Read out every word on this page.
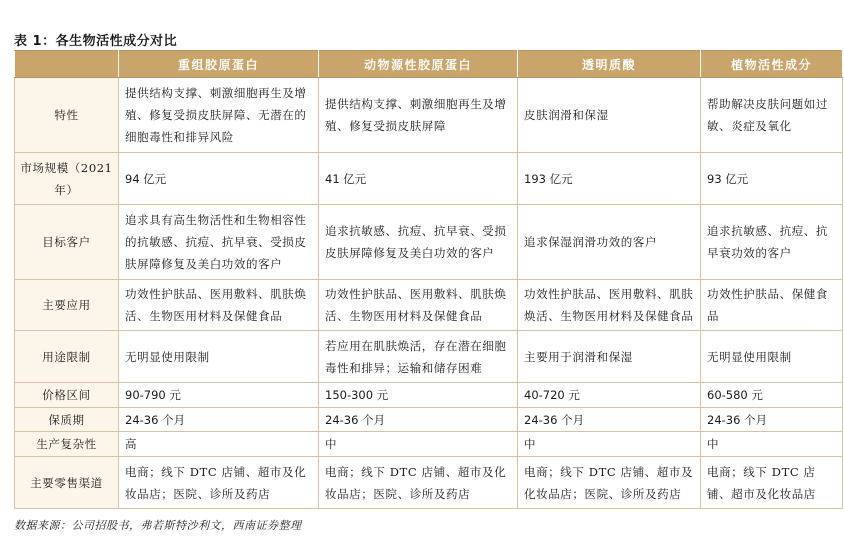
表 1：各生物活性成分对比
	重组胶原蛋白	动物源性胶原蛋白	透明质酸	植物活性成分
特性	提供结构支撑、刺激细胞再生及增殖、修复受损皮肤屏障、无潜在的细胞毒性和排异风险	提供结构支撑、刺激细胞再生及增殖、修复受损皮肤屏障	皮肤润滑和保湿	帮助解决皮肤问题如过敏、炎症及氧化
市场规模（2021 年）	94 亿元	41 亿元	193 亿元	93 亿元
目标客户	追求具有高生物活性和生物相容性的抗敏感、抗痘、抗早衰、受损皮肤屏障修复及美白功效的客户	追求抗敏感、抗痘、抗早衰、受损皮肤屏障修复及美白功效的客户	追求保湿润滑功效的客户	追求抗敏感、抗痘、抗早衰功效的客户
主要应用	功效性护肤品、医用敷料、肌肤焕活、生物医用材料及保健食品	功效性护肤品、医用敷料、肌肤焕活、生物医用材料及保健食品	功效性护肤品、医用敷料、肌肤焕活、生物医用材料及保健食品	功效性护肤品、保健食品
用途限制	无明显使用限制	若应用在肌肤焕活，存在潜在细胞毒性和排异；运输和储存困难	主要用于润滑和保湿	无明显使用限制
价格区间	90-790 元	150-300 元	40-720 元	60-580 元
保质期	24-36 个月	24-36 个月	24-36 个月	24-36 个月
生产复杂性	高	中	中	中
主要零售渠道	电商；线下 DTC 店铺、超市及化妆品店；医院、诊所及药店	电商；线下 DTC 店铺、超市及化妆品店；医院、诊所及药店	电商；线下 DTC 店铺、超市及化妆品店；医院、诊所及药店	电商；线下 DTC 店铺、超市及化妆品店
数据来源：公司招股书，弗若斯特沙利文，西南证券整理
